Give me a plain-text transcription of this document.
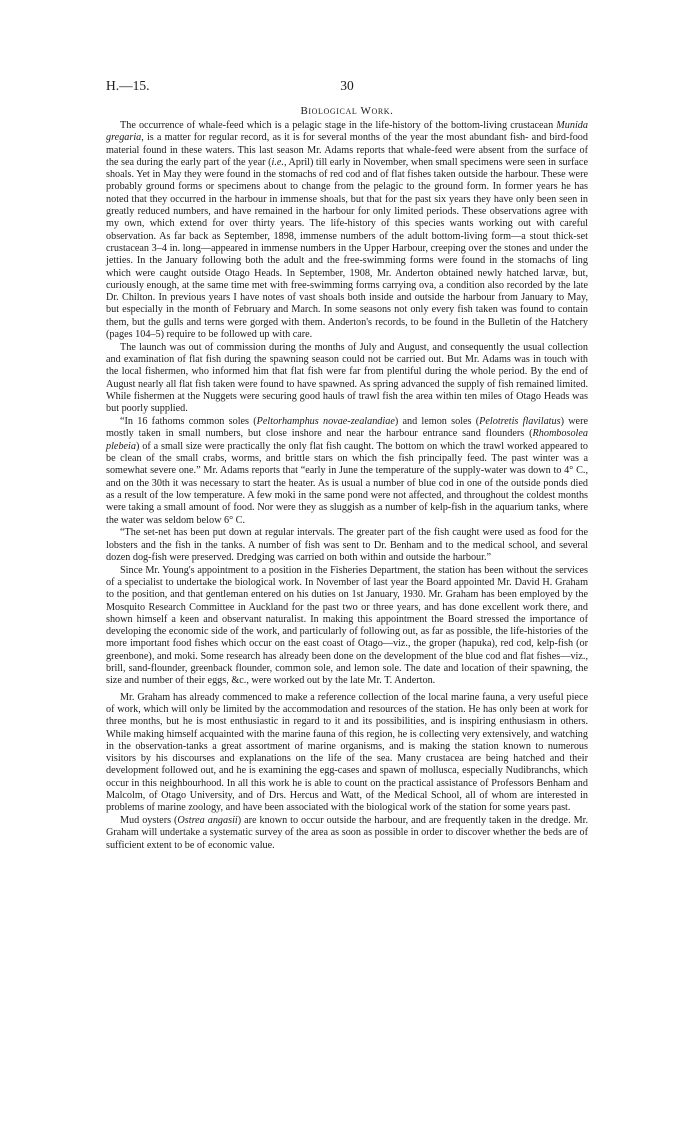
H.—15.	30
Biological Work.

The occurrence of whale-feed which is a pelagic stage in the life-history of the bottom-living crustacean Munida gregaria, is a matter for regular record, as it is for several months of the year the most abundant fish- and bird-food material found in these waters. This last season Mr. Adams reports that whale-feed were absent from the surface of the sea during the early part of the year (i.e., April) till early in November, when small specimens were seen in surface shoals. Yet in May they were found in the stomachs of red cod and of flat fishes taken outside the harbour. These were probably ground forms or specimens about to change from the pelagic to the ground form. In former years he has noted that they occurred in the harbour in immense shoals, but that for the past six years they have only been seen in greatly reduced numbers, and have remained in the harbour for only limited periods. These observations agree with my own, which extend for over thirty years. The life-history of this species wants working out with careful observation. As far back as September, 1898, immense numbers of the adult bottom-living form—a stout thick-set crustacean 3–4 in. long—appeared in immense numbers in the Upper Harbour, creeping over the stones and under the jetties. In the January following both the adult and the free-swimming forms were found in the stomachs of ling which were caught outside Otago Heads. In September, 1908, Mr. Anderton obtained newly hatched larvæ, but, curiously enough, at the same time met with free-swimming forms carrying ova, a condition also recorded by the late Dr. Chilton. In previous years I have notes of vast shoals both inside and outside the harbour from January to May, but especially in the month of February and March. In some seasons not only every fish taken was found to contain them, but the gulls and terns were gorged with them. Anderton's records, to be found in the Bulletin of the Hatchery (pages 104–5) require to be followed up with care.

The launch was out of commission during the months of July and August, and consequently the usual collection and examination of flat fish during the spawning season could not be carried out. But Mr. Adams was in touch with the local fishermen, who informed him that flat fish were far from plentiful during the whole period. By the end of August nearly all flat fish taken were found to have spawned. As spring advanced the supply of fish remained limited. While fishermen at the Nuggets were securing good hauls of trawl fish the area within ten miles of Otago Heads was but poorly supplied.

“In 16 fathoms common soles (Peltorhamphus novae-zealandiae) and lemon soles (Pelotretis flavilatus) were mostly taken in small numbers, but close inshore and near the harbour entrance sand flounders (Rhombosolea plebeia) of a small size were practically the only flat fish caught. The bottom on which the trawl worked appeared to be clean of the small crabs, worms, and brittle stars on which the fish principally feed. The past winter was a somewhat severe one.” Mr. Adams reports that “early in June the temperature of the supply-water was down to 4° C., and on the 30th it was necessary to start the heater. As is usual a number of blue cod in one of the outside ponds died as a result of the low temperature. A few moki in the same pond were not affected, and throughout the coldest months were taking a small amount of food. Nor were they as sluggish as a number of kelp-fish in the aquarium tanks, where the water was seldom below 6° C.

“The set-net has been put down at regular intervals. The greater part of the fish caught were used as food for the lobsters and the fish in the tanks. A number of fish was sent to Dr. Benham and to the medical school, and several dozen dog-fish were preserved. Dredging was carried on both within and outside the harbour.”

Since Mr. Young's appointment to a position in the Fisheries Department, the station has been without the services of a specialist to undertake the biological work. In November of last year the Board appointed Mr. David H. Graham to the position, and that gentleman entered on his duties on 1st January, 1930. Mr. Graham has been employed by the Mosquito Research Committee in Auckland for the past two or three years, and has done excellent work there, and shown himself a keen and observant naturalist. In making this appointment the Board stressed the importance of developing the economic side of the work, and particularly of following out, as far as possible, the life-histories of the more important food fishes which occur on the east coast of Otago—viz., the groper (hapuka), red cod, kelp-fish (or greenbone), and moki. Some research has already been done on the development of the blue cod and flat fishes—viz., brill, sand-flounder, greenback flounder, common sole, and lemon sole. The date and location of their spawning, the size and number of their eggs, &c., were worked out by the late Mr. T. Anderton.

Mr. Graham has already commenced to make a reference collection of the local marine fauna, a very useful piece of work, which will only be limited by the accommodation and resources of the station. He has only been at work for three months, but he is most enthusiastic in regard to it and its possibilities, and is inspiring enthusiasm in others. While making himself acquainted with the marine fauna of this region, he is collecting very extensively, and watching in the observation-tanks a great assortment of marine organisms, and is making the station known to numerous visitors by his discourses and explanations on the life of the sea. Many crustacea are being hatched and their development followed out, and he is examining the egg-cases and spawn of mollusca, especially Nudibranchs, which occur in this neighbourhood. In all this work he is able to count on the practical assistance of Professors Benham and Malcolm, of Otago University, and of Drs. Hercus and Watt, of the Medical School, all of whom are interested in problems of marine zoology, and have been associated with the biological work of the station for some years past.

Mud oysters (Ostrea angasii) are known to occur outside the harbour, and are frequently taken in the dredge. Mr. Graham will undertake a systematic survey of the area as soon as possible in order to discover whether the beds are of sufficient extent to be of economic value.
